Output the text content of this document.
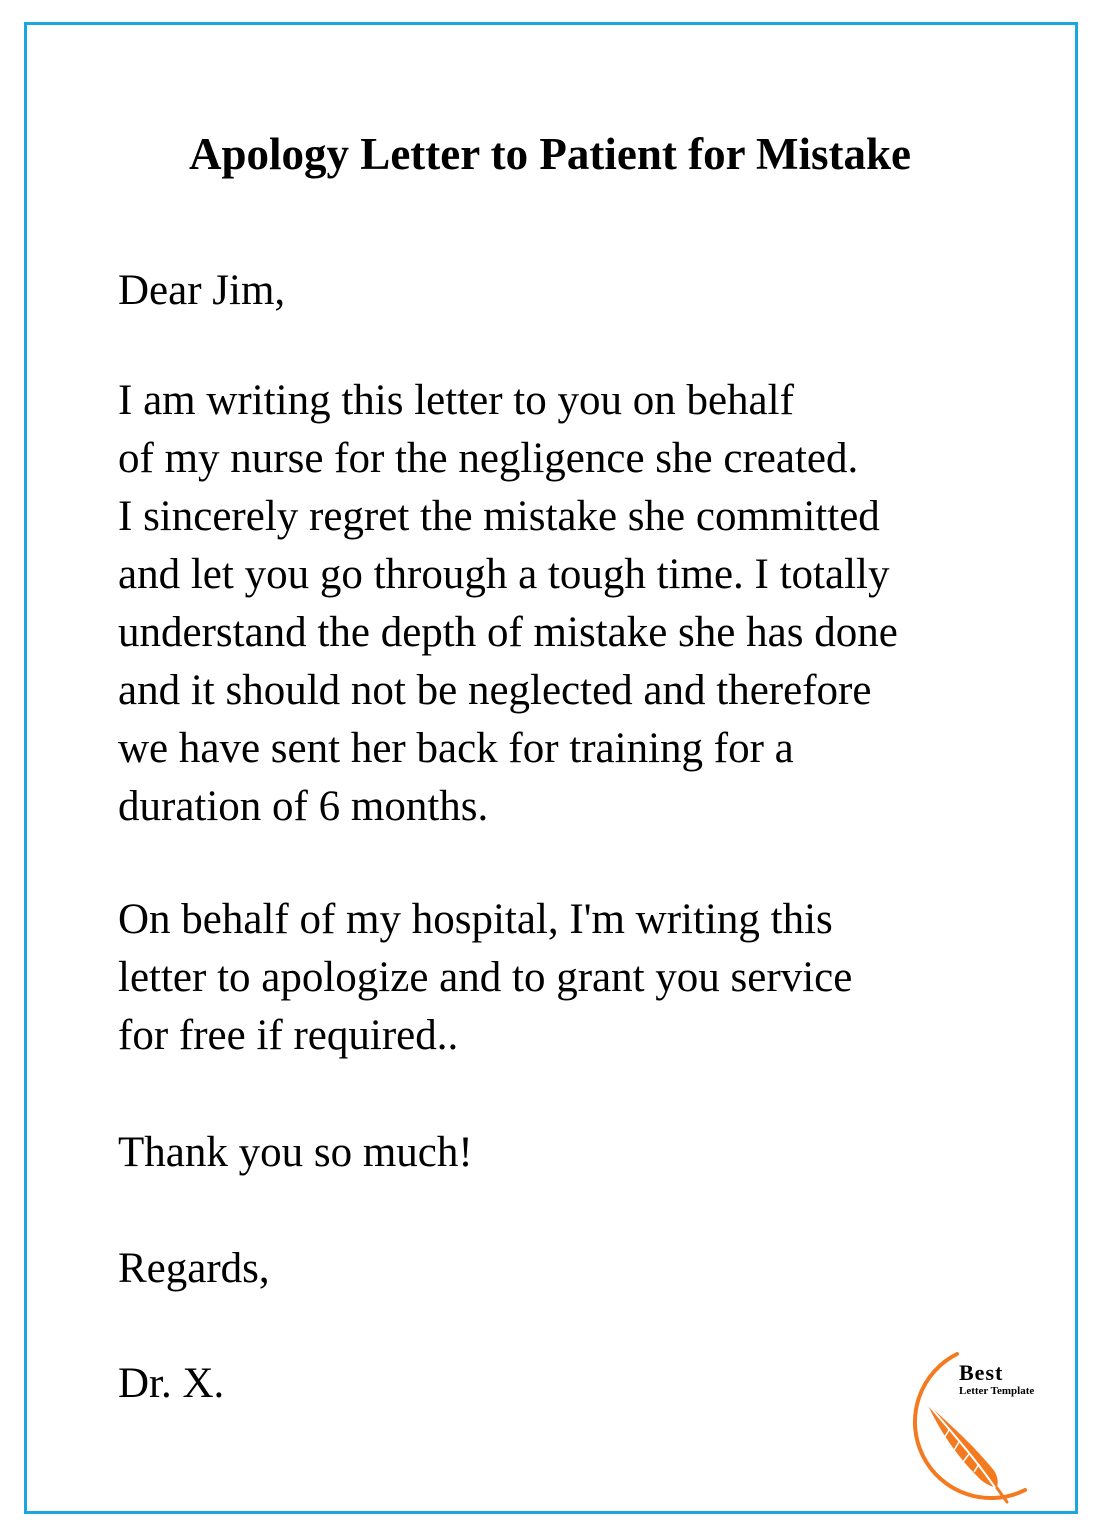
Apology Letter to Patient for Mistake

Dear Jim,

I am writing this letter to you on behalf
of my nurse for the negligence she created.
I sincerely regret the mistake she committed
and let you go through a tough time. I totally
understand the depth of mistake she has done
and it should not be neglected and therefore
we have sent her back for training for a
duration of 6 months.

On behalf of my hospital, I'm writing this
letter to apologize and to grant you service
for free if required..

Thank you so much!

Regards,

Dr. X.	Best
Letter Template
